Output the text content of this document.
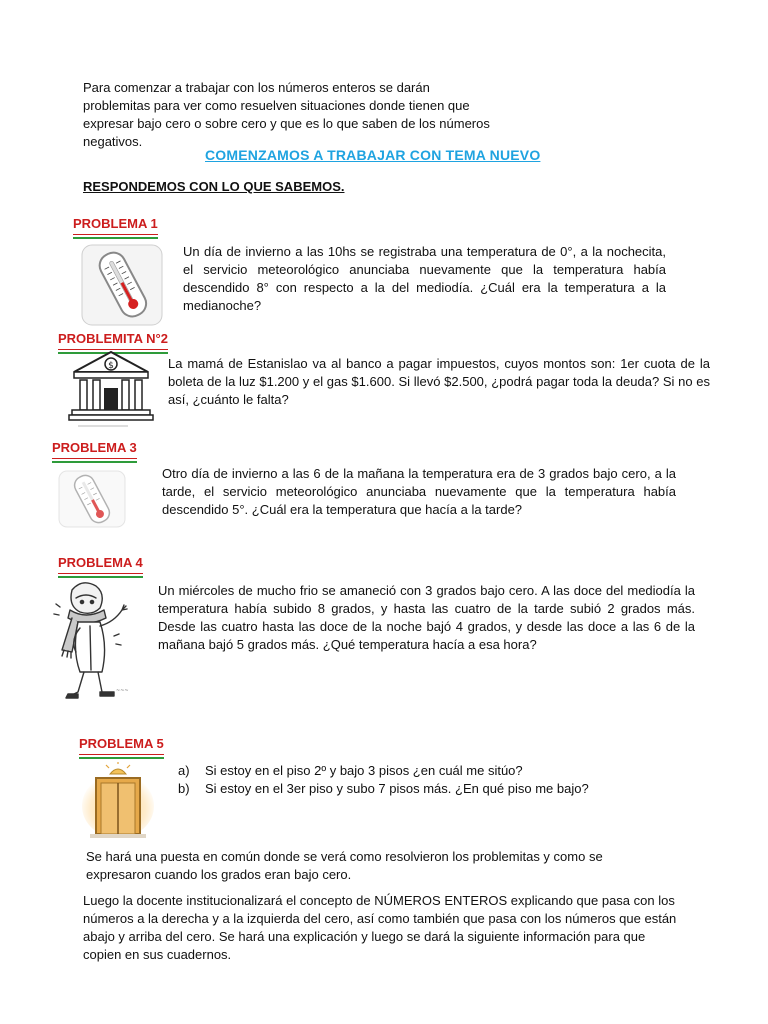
Para comenzar a trabajar con los números enteros se darán problemitas para ver como resuelven situaciones donde tienen que expresar bajo cero o sobre cero y que es lo que saben de los números negativos.
COMENZAMOS A TRABAJAR CON TEMA NUEVO
RESPONDEMOS CON LO QUE SABEMOS.
PROBLEMA 1
Un día de invierno a las 10hs se registraba una temperatura de 0°, a la nochecita, el servicio meteorológico anunciaba nuevamente que la temperatura había descendido 8° con respecto a la del mediodía. ¿Cuál era la temperatura a la medianoche?
PROBLEMITA N°2
$	La mamá de Estanislao va al banco a pagar impuestos, cuyos montos son: 1er cuota de la boleta de la luz $1.200 y el gas $1.600. Si llevó $2.500, ¿podrá pagar toda la deuda? Si no es así, ¿cuánto le falta?
PROBLEMA 3
Otro día de invierno a las 6 de la mañana la temperatura era de 3 grados bajo cero, a la tarde, el servicio meteorológico anunciaba nuevamente que la temperatura había descendido 5°. ¿Cuál era la temperatura que hacía a la tarde?
PROBLEMA 4
~~~
Un miércoles de mucho frio se amaneció con 3 grados bajo cero. A las doce del mediodía la temperatura había subido 8 grados, y hasta las cuatro de la tarde subió 2 grados más. Desde las cuatro hasta las doce de la noche bajó 4 grados, y desde las doce a las 6 de la mañana bajó 5 grados más. ¿Qué temperatura hacía a esa hora?
PROBLEMA 5
a) Si estoy en el piso 2º y bajo 3 pisos ¿en cuál me sitúo?
b) Si estoy en el 3er piso y subo 7 pisos más. ¿En qué piso me bajo?
Se hará una puesta en común donde se verá como resolvieron los problemitas y como se expresaron cuando los grados eran bajo cero.
Luego la docente institucionalizará el concepto de NÚMEROS ENTEROS explicando que pasa con los números a la derecha y a la izquierda del cero, así como también que pasa con los números que están abajo y arriba del cero. Se hará una explicación y luego se dará la siguiente información para que copien en sus cuadernos.
